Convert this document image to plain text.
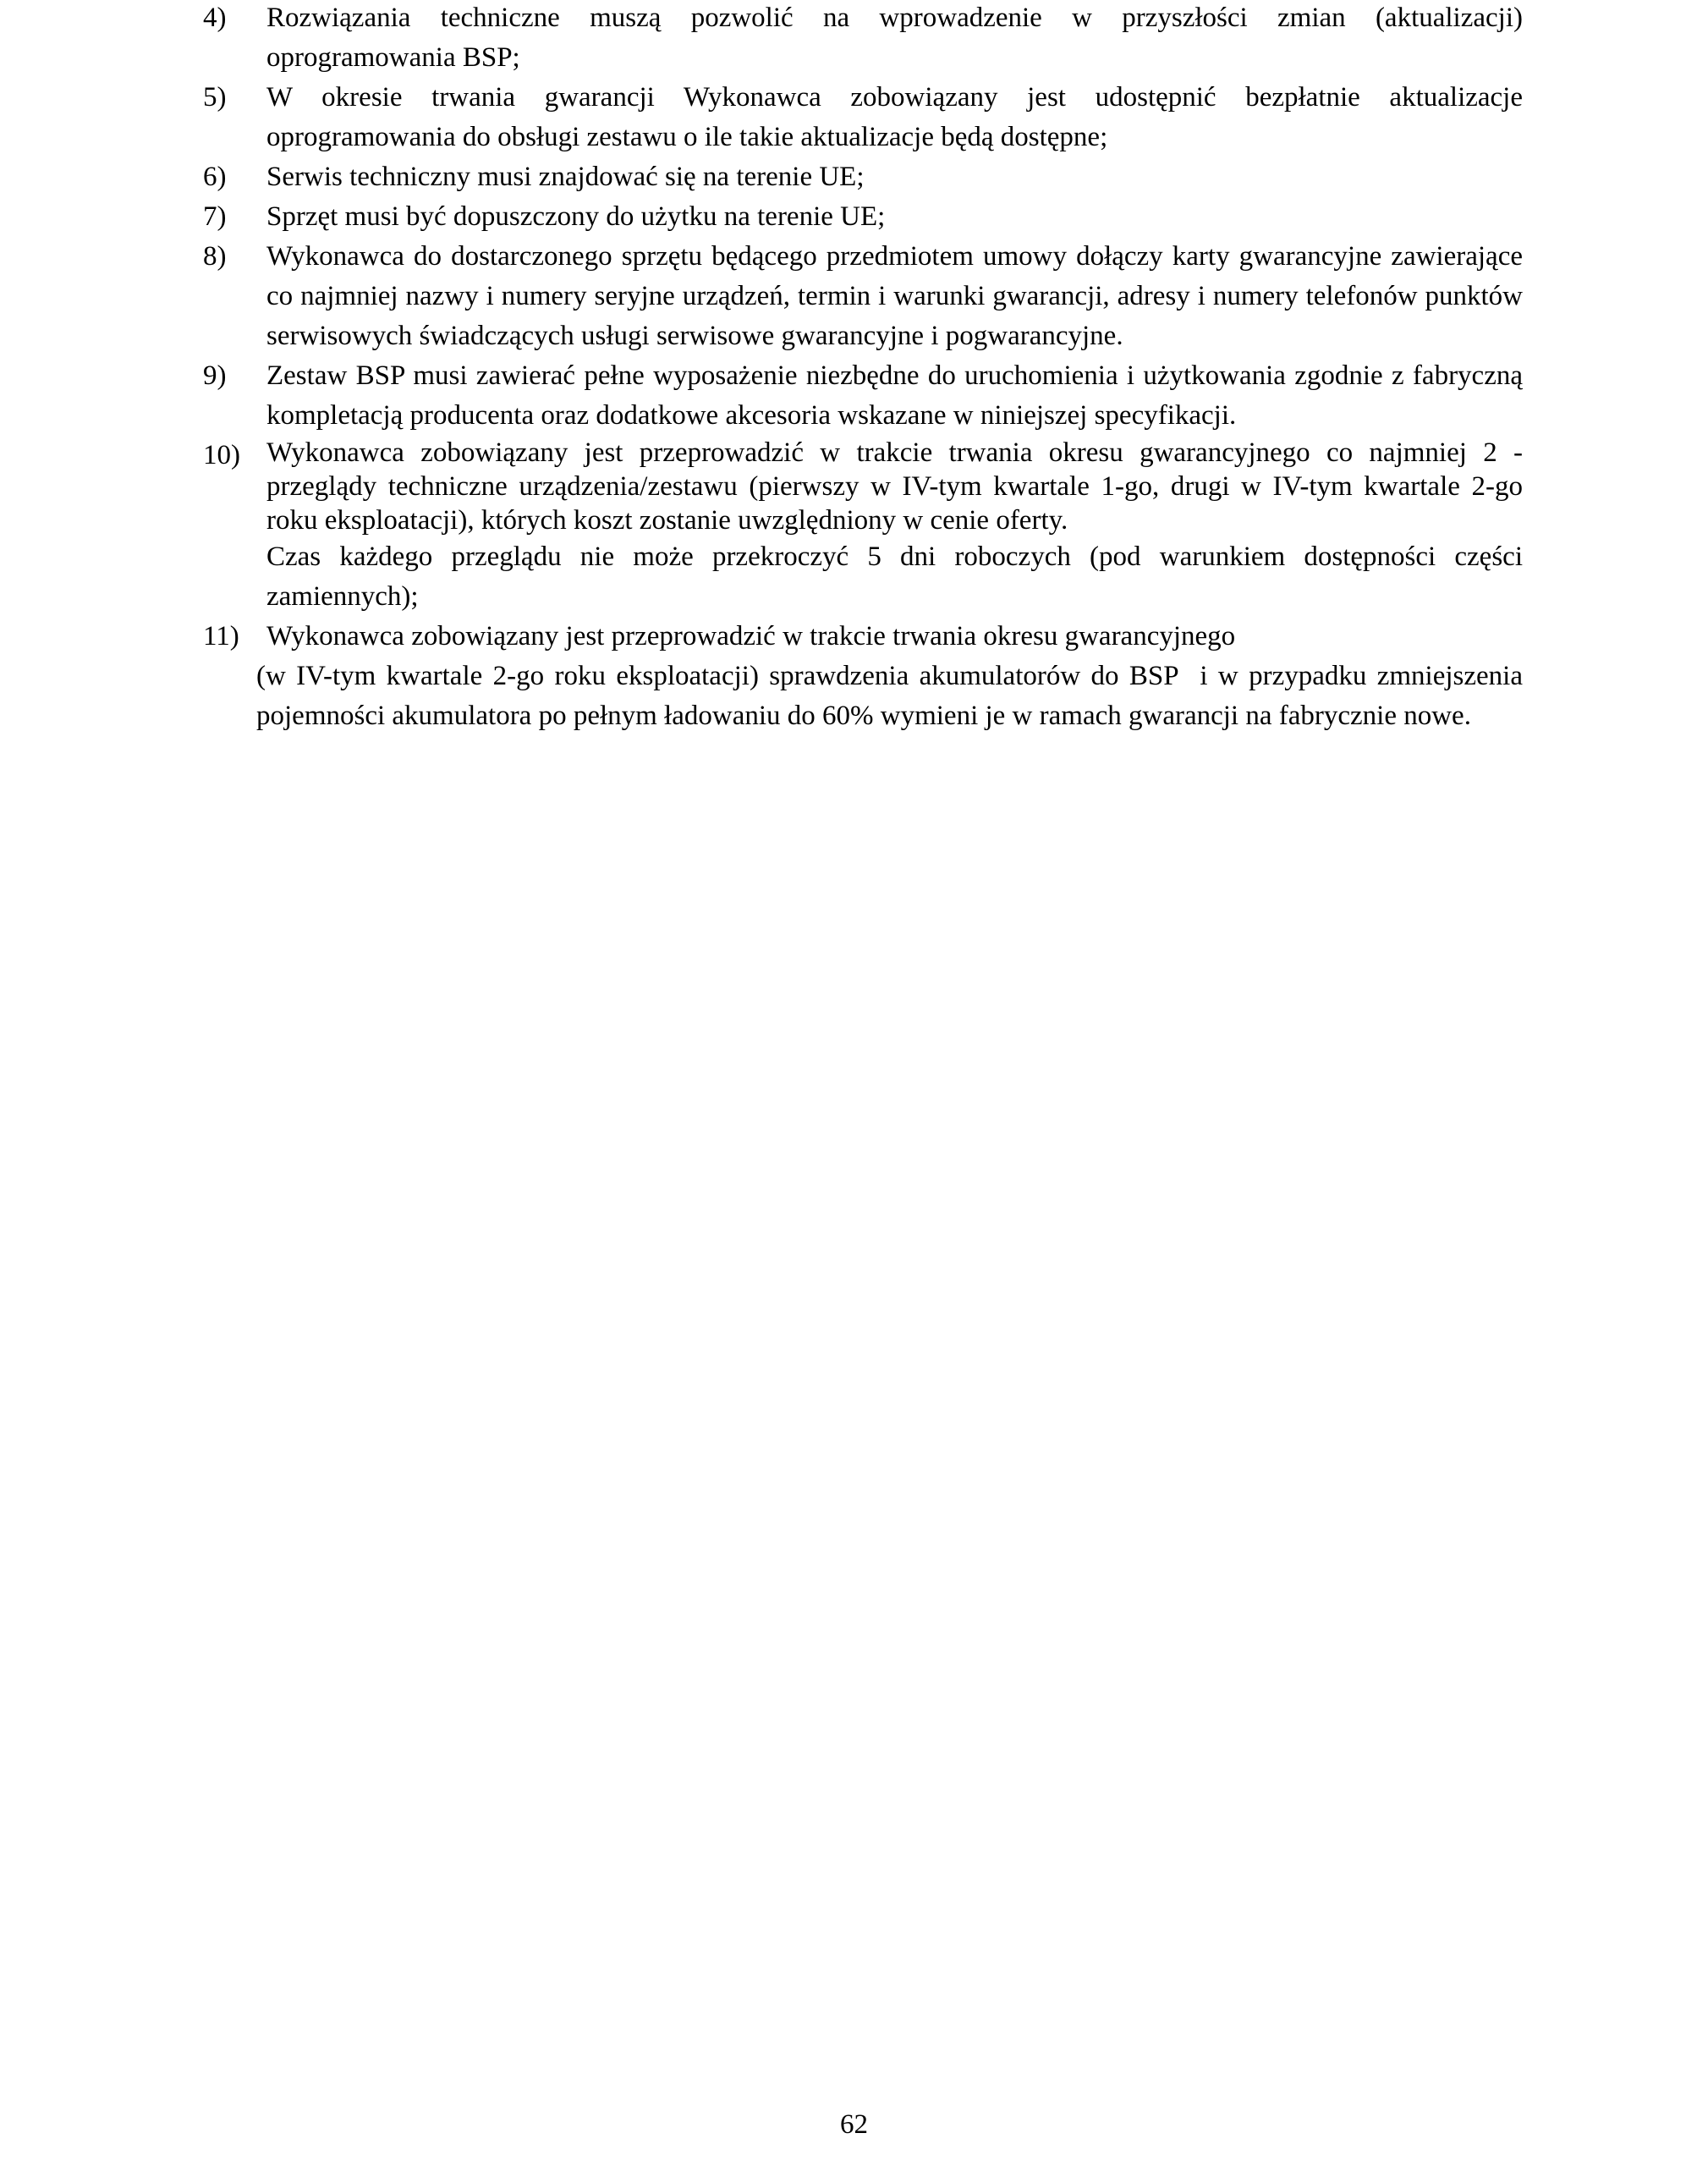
4)	Rozwiązania techniczne muszą pozwolić na wprowadzenie w przyszłości zmian (aktualizacji)
oprogramowania BSP;
5)	W okresie trwania gwarancji Wykonawca zobowiązany jest udostępnić bezpłatnie aktualizacje
oprogramowania do obsługi zestawu o ile takie aktualizacje będą dostępne;
6)	Serwis techniczny musi znajdować się na terenie UE;
7)	Sprzęt musi być dopuszczony do użytku na terenie UE;
8)	Wykonawca do dostarczonego sprzętu będącego przedmiotem umowy dołączy karty gwarancyjne zawierające
co najmniej nazwy i numery seryjne urządzeń, termin i warunki gwarancji, adresy i numery telefonów punktów
serwisowych świadczących usługi serwisowe gwarancyjne i pogwarancyjne.
9)	Zestaw BSP musi zawierać pełne wyposażenie niezbędne do uruchomienia i użytkowania zgodnie z fabryczną
kompletacją producenta oraz dodatkowe akcesoria wskazane w niniejszej specyfikacji.
10) Wykonawca zobowiązany jest przeprowadzić w trakcie trwania okresu gwarancyjnego co najmniej 2 -
przeglądy techniczne urządzenia/zestawu (pierwszy w IV-tym kwartale 1-go, drugi w IV-tym kwartale 2-go
roku eksploatacji), których koszt zostanie uwzględniony w cenie oferty.
Czas każdego przeglądu nie może przekroczyć 5 dni roboczych (pod warunkiem dostępności części
zamiennych);
11) Wykonawca zobowiązany jest przeprowadzić w trakcie trwania okresu gwarancyjnego
(w IV-tym kwartale 2-go roku eksploatacji) sprawdzenia akumulatorów do BSP  i w przypadku zmniejszenia
pojemności akumulatora po pełnym ładowaniu do 60% wymieni je w ramach gwarancji na fabrycznie nowe.
62
